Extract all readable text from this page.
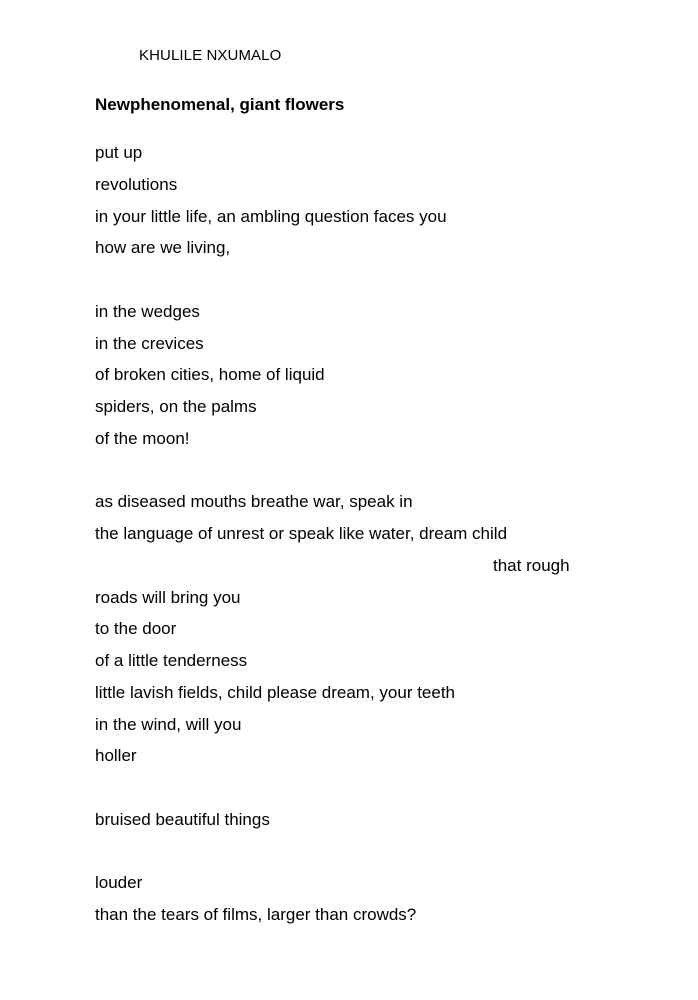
KHULILE NXUMALO
Newphenomenal, giant flowers
put up
revolutions
in your little life, an ambling question faces you
how are we living,
in the wedges
in the crevices
of broken cities, home of liquid
spiders, on the palms
of the moon!
as diseased mouths breathe war, speak in
the language of unrest or speak like water, dream child
that rough
roads will bring you
to the door
of a little tenderness
little lavish fields, child please dream, your teeth
in the wind, will you
holler
bruised beautiful things
louder
than the tears of films, larger than crowds?
